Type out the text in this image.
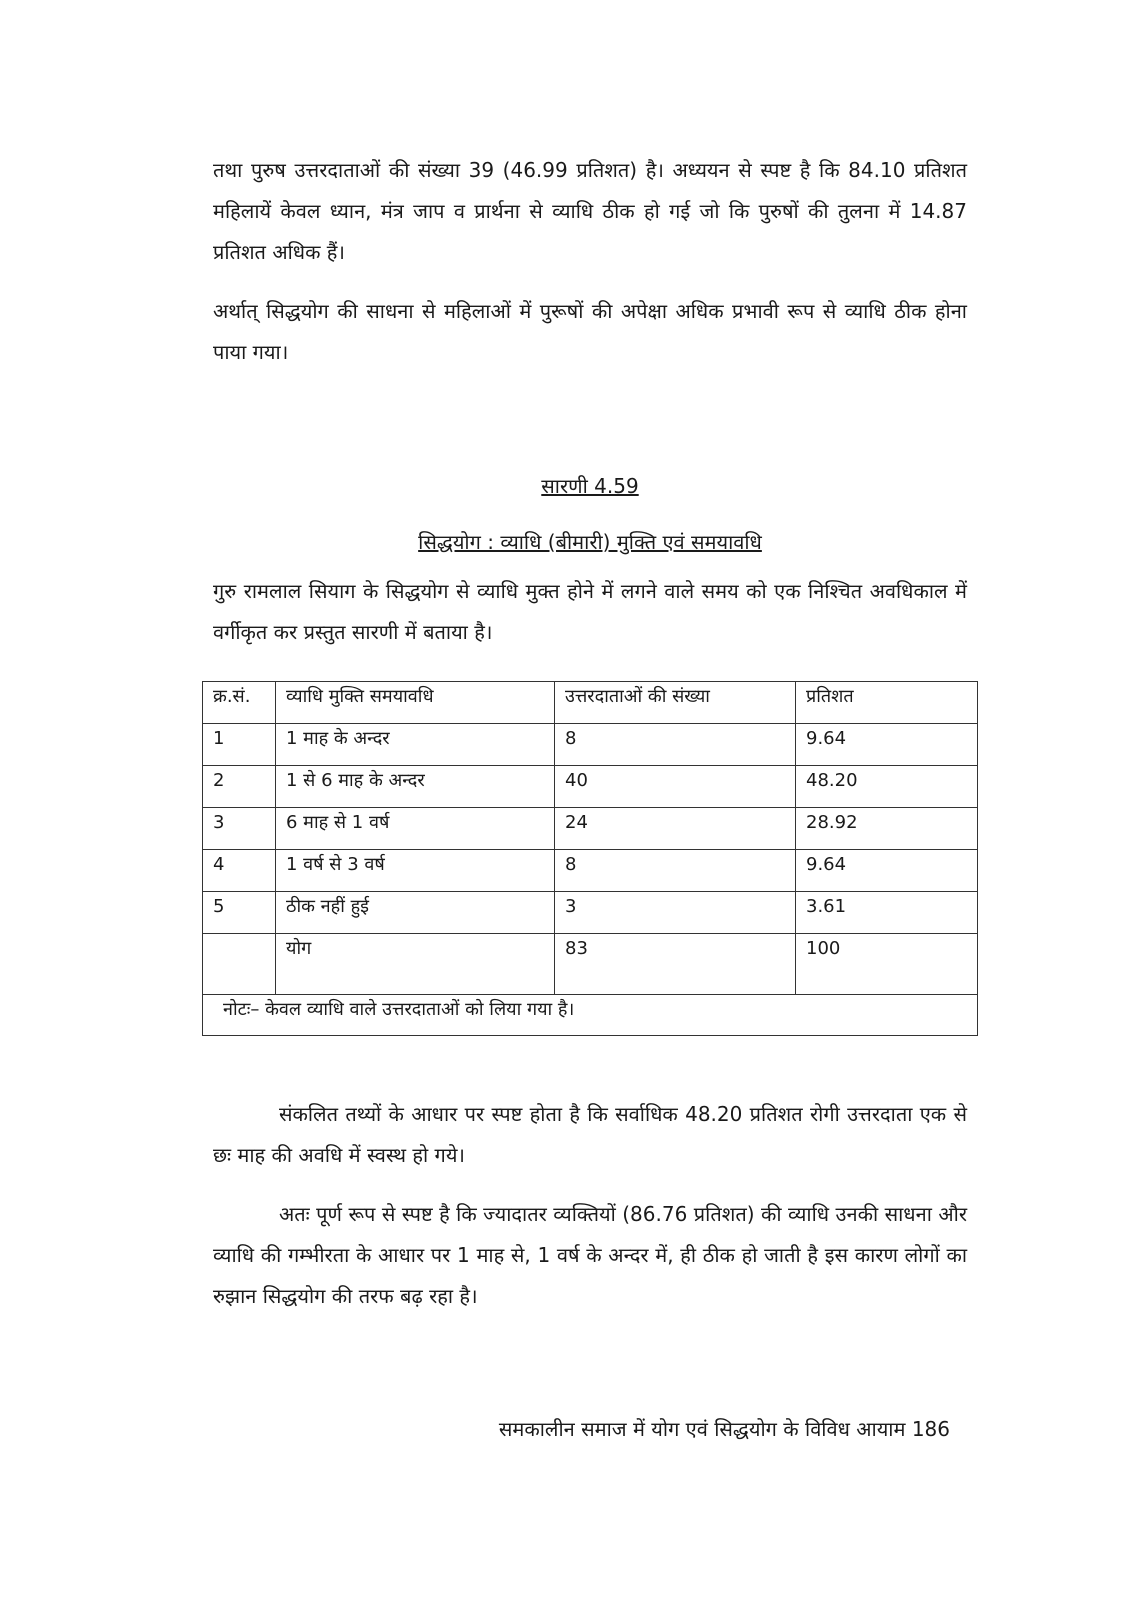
तथा पुरुष उत्तरदाताओं की संख्या 39 (46.99 प्रतिशत) है। अध्ययन से स्पष्ट है कि 84.10 प्रतिशत महिलायें केवल ध्यान, मंत्र जाप व प्रार्थना से व्याधि ठीक हो गई जो कि पुरुषों की तुलना में 14.87 प्रतिशत अधिक हैं।

अर्थात् सिद्धयोग की साधना से महिलाओं में पुरूषों की अपेक्षा अधिक प्रभावी रूप से व्याधि ठीक होना पाया गया।

सारणी 4.59
सिद्धयोग : व्याधि (बीमारी) मुक्ति एवं समयावधि

गुरु रामलाल सियाग के सिद्धयोग से व्याधि मुक्त होने में लगने वाले समय को एक निश्चित अवधिकाल में वर्गीकृत कर प्रस्तुत सारणी में बताया है।

क्र.सं.	व्याधि मुक्ति समयावधि	उत्तरदाताओं की संख्या	प्रतिशत
1	1 माह के अन्दर	8	9.64
2	1 से 6 माह के अन्दर	40	48.20
3	6 माह से 1 वर्ष	24	28.92
4	1 वर्ष से 3 वर्ष	8	9.64
5	ठीक नहीं हुई	3	3.61
	योग	83	100
नोटः– केवल व्याधि वाले उत्तरदाताओं को लिया गया है।			

संकलित तथ्यों के आधार पर स्पष्ट होता है कि सर्वाधिक 48.20 प्रतिशत रोगी उत्तरदाता एक से छः माह की अवधि में स्वस्थ हो गये।

अतः पूर्ण रूप से स्पष्ट है कि ज्यादातर व्यक्तियों (86.76 प्रतिशत) की व्याधि उनकी साधना और व्याधि की गम्भीरता के आधार पर 1 माह से, 1 वर्ष के अन्दर में, ही ठीक हो जाती है इस कारण लोगों का रुझान सिद्धयोग की तरफ बढ़ रहा है।

समकालीन समाज में योग एवं सिद्धयोग के विविध आयाम 186
